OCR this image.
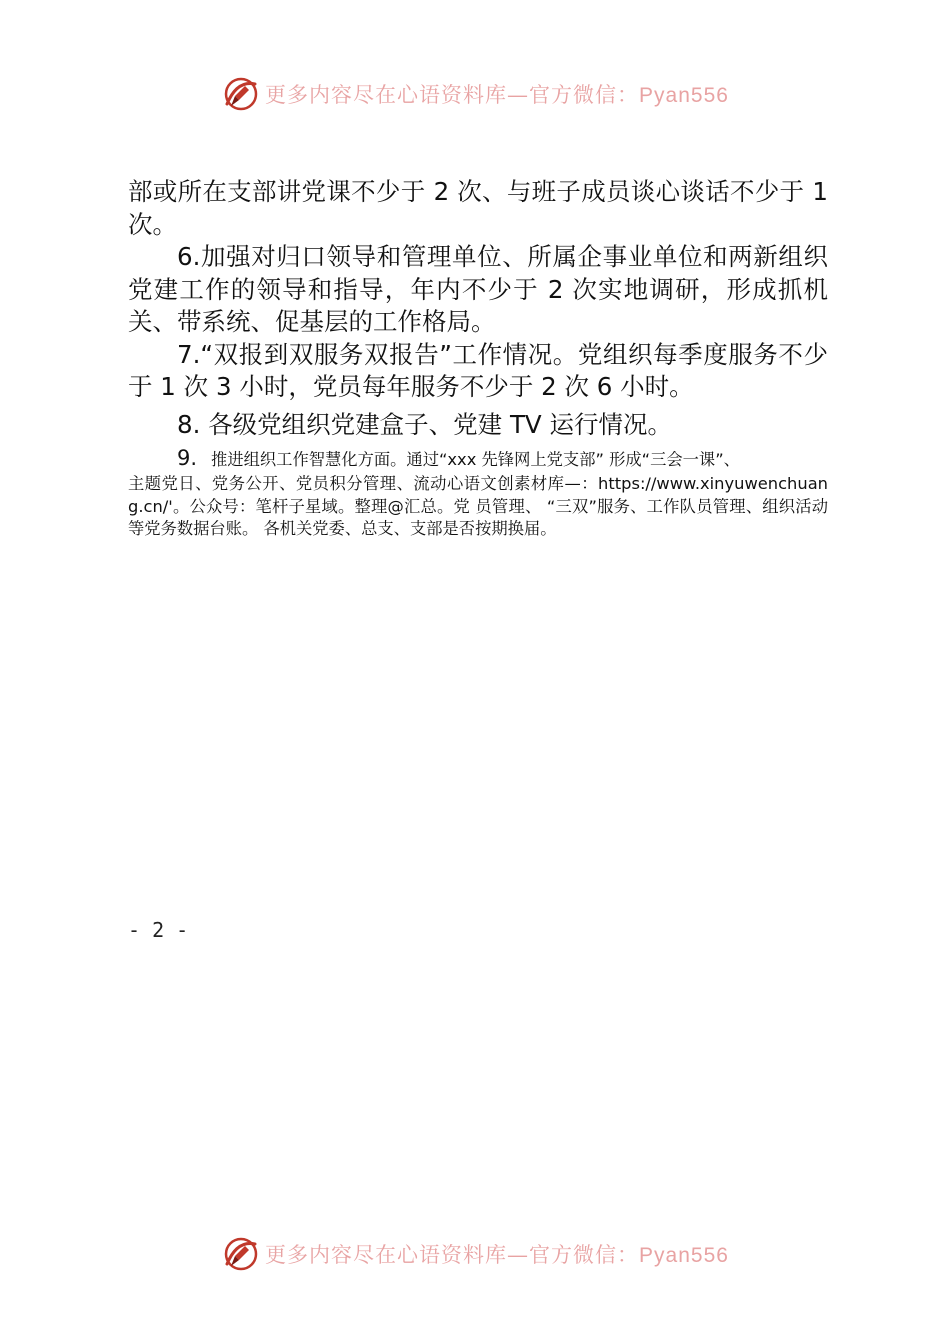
更多内容尽在心语资料库—官方微信：Pyan556

部或所在支部讲党课不少于 2 次、与班子成员谈心谈话不少于 1 次。

6.加强对归口领导和管理单位、所属企事业单位和两新组织党建工作的领导和指导，年内不少于 2 次实地调研，形成抓机关、带系统、促基层的工作格局。

7.“双报到双服务双报告”工作情况。党组织每季度服务不少于 1 次 3 小时，党员每年服务不少于 2 次 6 小时。

8. 各级党组织党建盒子、党建 TV 运行情况。

9. 推进组织工作智慧化方面。通过“xxx 先锋网上党支部” 形成“三会一课”、

主题党日、党务公开、党员积分管理、流动心语文创素材库—：https://www.xinyuwenchuang.cn/'。公众号：笔杆子星域。整理@汇总。党 员管理、 “三双”服务、工作队员管理、组织活动等党务数据台账。 各机关党委、总支、支部是否按期换届。

- 2 -
更多内容尽在心语资料库—官方微信：Pyan556
